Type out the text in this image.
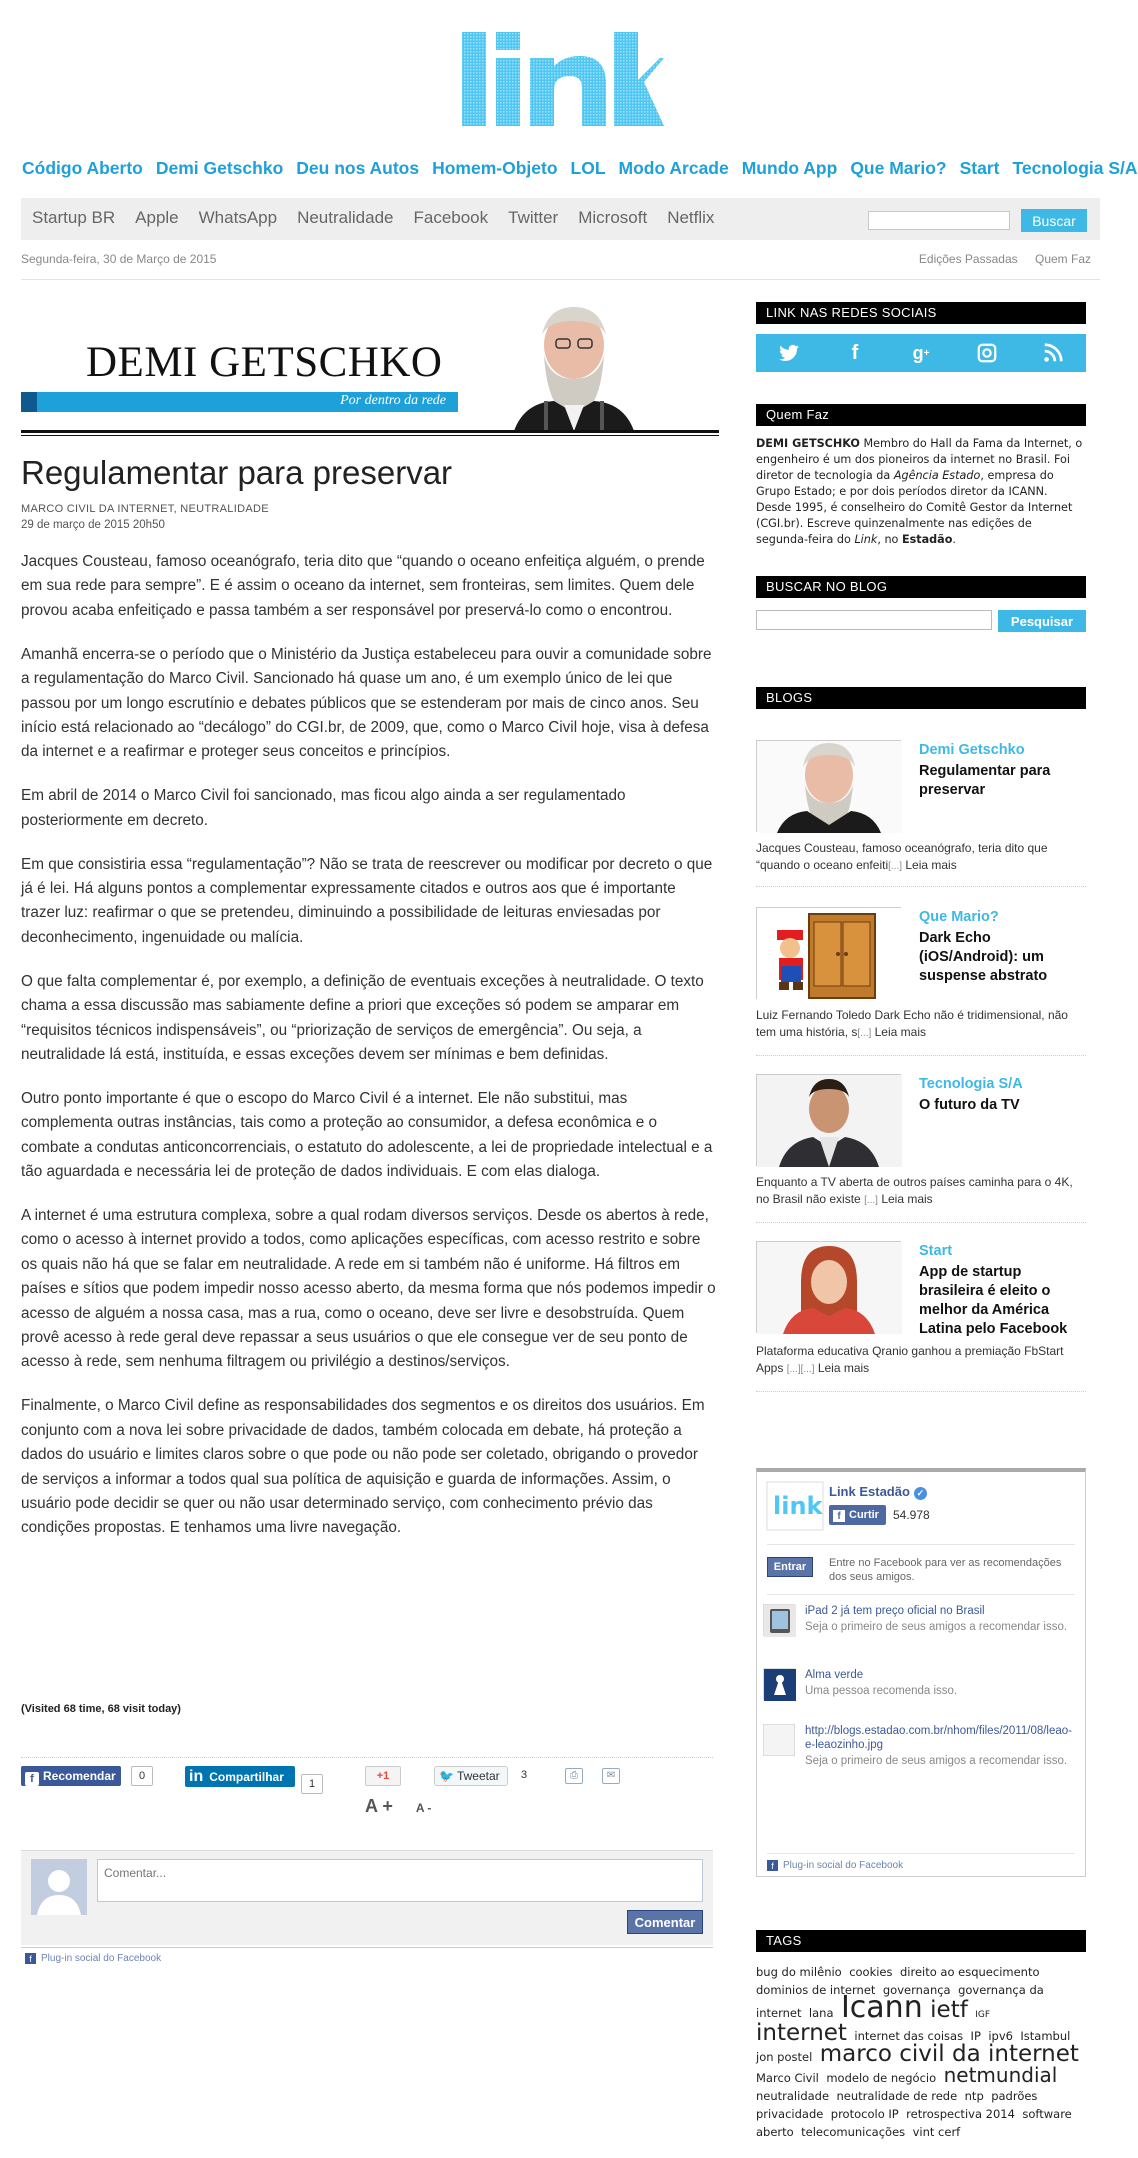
Código Aberto Demi Getschko Deu nos Autos Homem-Objeto LOL Modo Arcade Mundo App Que Mario? Start Tecnologia S/A
Startup BR Apple WhatsApp Neutralidade Facebook Twitter Microsoft Netflix	Buscar
Segunda-feira, 30 de Março de 2015	Edições Passadas Quem Faz
DEMI GETSCHKO
Por dentro da rede
Regulamentar para preservar
MARCO CIVIL DA INTERNET, NEUTRALIDADE
29 de março de 2015 20h50

Jacques Cousteau, famoso oceanógrafo, teria dito que “quando o oceano enfeitiça alguém, o prende em sua rede para sempre”. E é assim o oceano da internet, sem fronteiras, sem limites. Quem dele provou acaba enfeitiçado e passa também a ser responsável por preservá-lo como o encontrou.

Amanhã encerra-se o período que o Ministério da Justiça estabeleceu para ouvir a comunidade sobre a regulamentação do Marco Civil. Sancionado há quase um ano, é um exemplo único de lei que passou por um longo escrutínio e debates públicos que se estenderam por mais de cinco anos. Seu início está relacionado ao “decálogo” do CGI.br, de 2009, que, como o Marco Civil hoje, visa à defesa da internet e a reafirmar e proteger seus conceitos e princípios.

Em abril de 2014 o Marco Civil foi sancionado, mas ficou algo ainda a ser regulamentado posteriormente em decreto.

Em que consistiria essa “regulamentação”? Não se trata de reescrever ou modificar por decreto o que já é lei. Há alguns pontos a complementar expressamente citados e outros aos que é importante trazer luz: reafirmar o que se pretendeu, diminuindo a possibilidade de leituras enviesadas por deconhecimento, ingenuidade ou malícia.

O que falta complementar é, por exemplo, a definição de eventuais exceções à neutralidade. O texto chama a essa discussão mas sabiamente define a priori que exceções só podem se amparar em “requisitos técnicos indispensáveis”, ou “priorização de serviços de emergência”. Ou seja, a neutralidade lá está, instituída, e essas exceções devem ser mínimas e bem definidas.

Outro ponto importante é que o escopo do Marco Civil é a internet. Ele não substitui, mas complementa outras instâncias, tais como a proteção ao consumidor, a defesa econômica e o combate a condutas anticoncorrenciais, o estatuto do adolescente, a lei de propriedade intelectual e a tão aguardada e necessária lei de proteção de dados individuais. E com elas dialoga.

A internet é uma estrutura complexa, sobre a qual rodam diversos serviços. Desde os abertos à rede, como o acesso à internet provido a todos, como aplicações específicas, com acesso restrito e sobre os quais não há que se falar em neutralidade. A rede em si também não é uniforme. Há filtros em países e sítios que podem impedir nosso acesso aberto, da mesma forma que nós podemos impedir o acesso de alguém a nossa casa, mas a rua, como o oceano, deve ser livre e desobstruída. Quem provê acesso à rede geral deve repassar a seus usuários o que ele consegue ver de seu ponto de acesso à rede, sem nenhuma filtragem ou privilégio a destinos/serviços.

Finalmente, o Marco Civil define as responsabilidades dos segmentos e os direitos dos usuários. Em conjunto com a nova lei sobre privacidade de dados, também colocada em debate, há proteção a dados do usuário e limites claros sobre o que pode ou não pode ser coletado, obrigando o provedor de serviços a informar a todos qual sua política de aquisição e guarda de informações. Assim, o usuário pode decidir se quer ou não usar determinado serviço, com conhecimento prévio das condições propostas. E tenhamos uma livre navegação.

(Visited 68 time, 68 visit today)
f Recomendar	0	in Compartilhar	1
+1	🐦 Tweetar	3	⎙	✉
A + A -
Comentar...
Comentar
f Plug-in social do Facebook
LINK NAS REDES SOCIAIS
f	g +
Quem Faz
DEMI GETSCHKO Membro do Hall da Fama da Internet, o engenheiro é um dos pioneiros da internet no Brasil. Foi diretor de tecnologia da Agência Estado, empresa do Grupo Estado; e por dois períodos diretor da ICANN. Desde 1995, é conselheiro do Comitê Gestor da Internet (CGI.br). Escreve quinzenalmente nas edições de segunda-feira do Link, no Estadão.
BUSCAR NO BLOG
Pesquisar
BLOGS
Demi Getschko
Regulamentar para preservar
Jacques Cousteau, famoso oceanógrafo, teria dito que “quando o oceano enfeiti[...] Leia mais
Que Mario?
Dark Echo (iOS/Android): um suspense abstrato
Luiz Fernando Toledo Dark Echo não é tridimensional, não tem uma história, s[...] Leia mais
Tecnologia S/A
O futuro da TV
Enquanto a TV aberta de outros países caminha para o 4K, no Brasil não existe [...] Leia mais
Start
App de startup brasileira é eleito o melhor da América Latina pelo Facebook
Plataforma educativa Qranio ganhou a premiação FbStart Apps [...][...] Leia mais
link
Link Estadão ✓
f Curtir	54.978
Entrar	Entre no Facebook para ver as recomendações dos seus amigos.
iPad 2 já tem preço oficial no Brasil
Seja o primeiro de seus amigos a recomendar isso.
Alma verde
Uma pessoa recomenda isso.
http://blogs.estadao.com.br/nhom/files/2011/08/leao-e-leaozinho.jpg
Seja o primeiro de seus amigos a recomendar isso.
f Plug-in social do Facebook
TAGS
bug do milênio cookies direito ao esquecimento dominios de internet governança governança da internet lana Icann ietf IGF internet internet das coisas IP ipv6 Istambul jon postel marco civil da internet Marco Civil modelo de negócio netmundial neutralidade neutralidade de rede ntp padrões privacidade protocolo IP retrospectiva 2014 software aberto telecomunicações vint cerf
